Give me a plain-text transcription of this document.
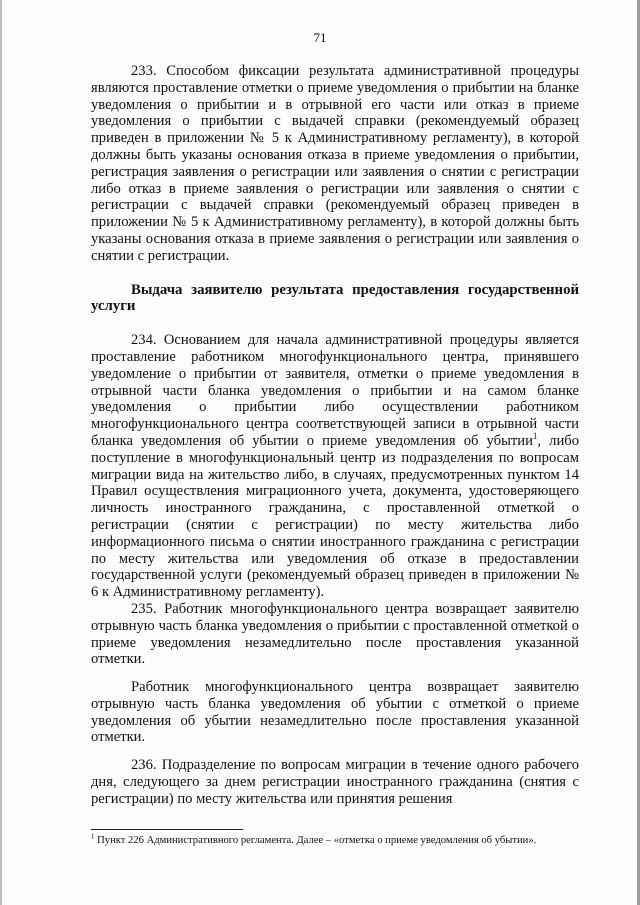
71

233. Способом фиксации результата административной процедуры являются проставление отметки о приеме уведомления о прибытии на бланке уведомления о прибытии и в отрывной его части или отказ в приеме уведомления о прибытии с выдачей справки (рекомендуемый образец приведен в приложении № 5 к Административному регламенту), в которой должны быть указаны основания отказа в приеме уведомления о прибытии, регистрация заявления о регистрации или заявления о снятии с регистрации либо отказ в приеме заявления о регистрации или заявления о снятии с регистрации с выдачей справки (рекомендуемый образец приведен в приложении № 5 к Административному регламенту), в которой должны быть указаны основания отказа в приеме заявления о регистрации или заявления о снятии с регистрации.

Выдача заявителю результата предоставления государственной услуги

234. Основанием для начала административной процедуры является проставление работником многофункционального центра, принявшего уведомление о прибытии от заявителя, отметки о приеме уведомления в отрывной части бланка уведомления о прибытии и на самом бланке уведомления о прибытии либо осуществлении работником многофункционального центра соответствующей записи в отрывной части бланка уведомления об убытии о приеме уведомления об убытии$^1$, либо поступление в многофункциональный центр из подразделения по вопросам миграции вида на жительство либо, в случаях, предусмотренных пунктом 14 Правил осуществления миграционного учета, документа, удостоверяющего личность иностранного гражданина, с проставленной отметкой о регистрации (снятии с регистрации) по месту жительства либо информационного письма о снятии иностранного гражданина с регистрации по месту жительства или уведомления об отказе в предоставлении государственной услуги (рекомендуемый образец приведен в приложении № 6 к Административному регламенту).

235. Работник многофункционального центра возвращает заявителю отрывную часть бланка уведомления о прибытии с проставленной отметкой о приеме уведомления незамедлительно после проставления указанной отметки.

Работник многофункционального центра возвращает заявителю отрывную часть бланка уведомления об убытии с отметкой о приеме уведомления об убытии незамедлительно после проставления указанной отметки.

236. Подразделение по вопросам миграции в течение одного рабочего дня, следующего за днем регистрации иностранного гражданина (снятия с регистрации) по месту жительства или принятия решения

$^1$ Пункт 226 Административного регламента. Далее – «отметка о приеме уведомления об убытии».
